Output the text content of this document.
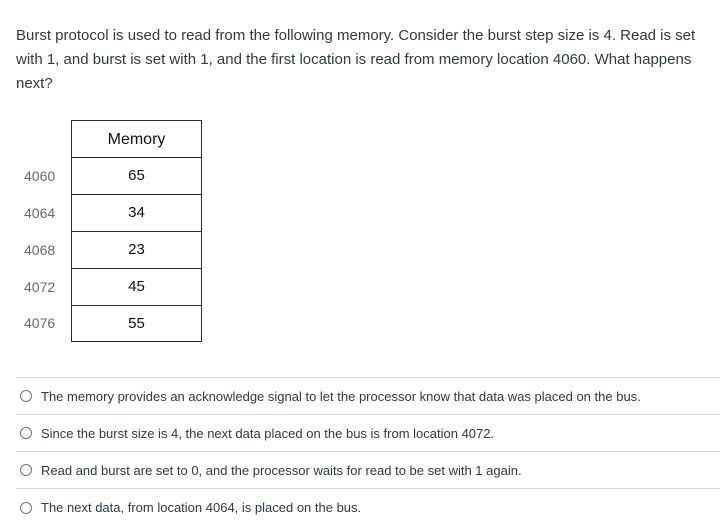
Burst protocol is used to read from the following memory. Consider the burst step size is 4. Read is set with 1, and burst is set with 1, and the first location is read from memory location 4060. What happens next?
4060
4064
4068
4072
4076
Memory
65
34
23
45
55
The memory provides an acknowledge signal to let the processor know that data was placed on the bus.
Since the burst size is 4, the next data placed on the bus is from location 4072.
Read and burst are set to 0, and the processor waits for read to be set with 1 again.
The next data, from location 4064, is placed on the bus.
